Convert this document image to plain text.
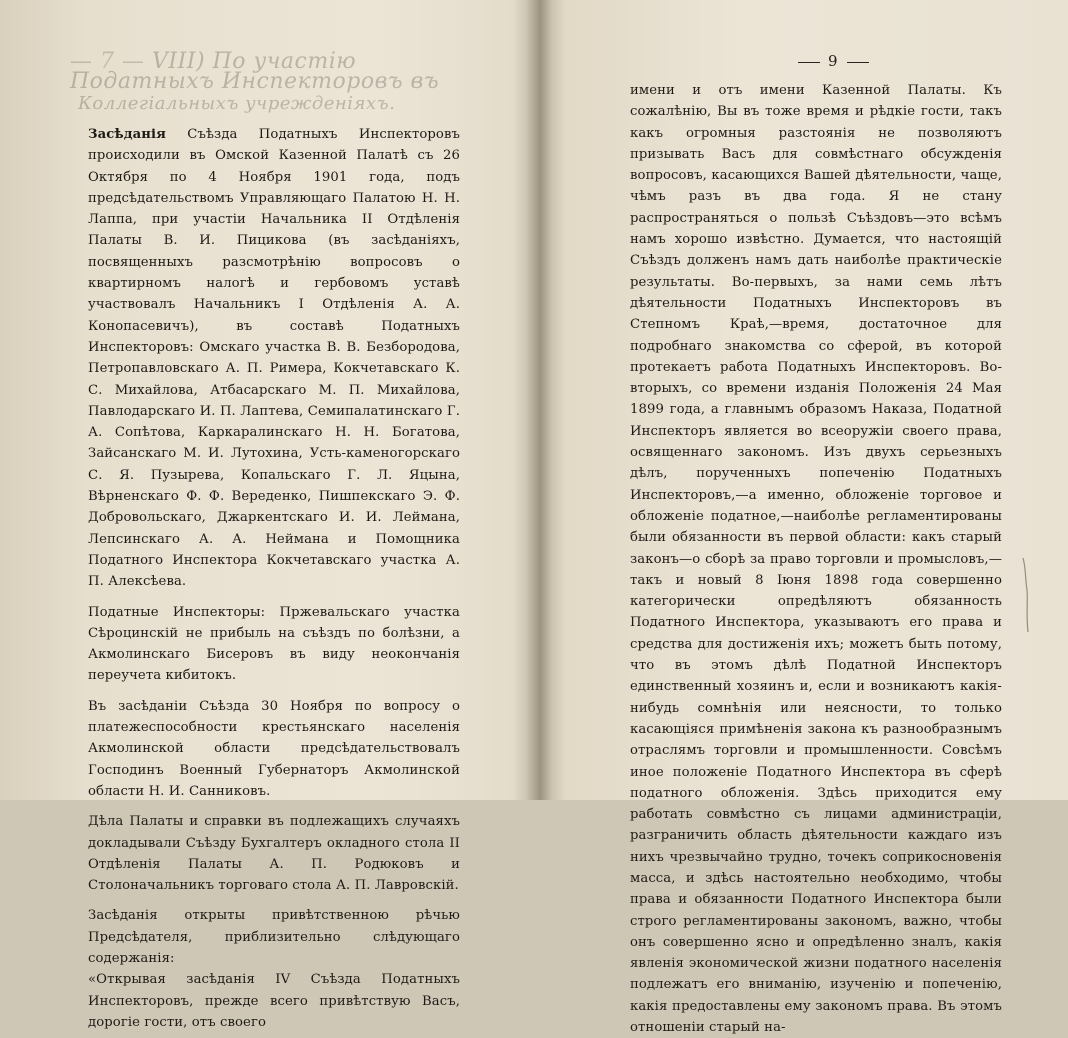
— 7 — VIII) По участію Податныхъ Инспекторовъ въ
Коллегіальныхъ учрежденіяхъ.

Засѣданія Съѣзда Податныхъ Инспекторовъ происходили въ Омской Казенной Палатѣ съ 26 Октября по 4 Ноября 1901 года, подъ предсѣдательствомъ Управляющаго Палатою Н. Н. Лаппа, при участіи Начальника II Отдѣленія Палаты В. И. Пицикова (въ засѣданіяхъ, посвященныхъ разсмотрѣнію вопросовъ о квартирномъ налогѣ и гербовомъ уставѣ участвовалъ Начальникъ I Отдѣленія А. А. Конопасевичъ), въ составѣ Податныхъ Инспекторовъ: Омскаго участка В. В. Безбородова, Петропавловскаго А. П. Римера, Кокчетавскаго К. С. Михайлова, Атбасарскаго М. П. Михайлова, Павлодарскаго И. П. Лаптева, Семипалатинскаго Г. А. Сопѣтова, Каркаралинскаго Н. Н. Богатова, Зайсанскаго М. И. Лутохина, Усть-каменогорскаго С. Я. Пузырева, Копальскаго Г. Л. Яцына, Вѣрненскаго Ф. Ф. Вереденко, Пишпекскаго Э. Ф. Добровольскаго, Джаркентскаго И. И. Леймана, Лепсинскаго А. А. Неймана и Помощника Податного Инспектора Кокчетавскаго участка А. П. Алексѣева.

Податные Инспекторы: Пржевальскаго участка Сѣроцинскій не прибыль на съѣздъ по болѣзни, а Акмолинскаго Бисеровъ въ виду неокончанія переучета кибитокъ.

Въ засѣданіи Съѣзда 30 Ноября по вопросу о платежеспособности крестьянскаго населенія Акмолинской области предсѣдательствовалъ Господинъ Военный Губернаторъ Акмолинской области Н. И. Санниковъ.

Дѣла Палаты и справки въ подлежащихъ случаяхъ докладывали Съѣзду Бухгалтеръ окладного стола II Отдѣленія Палаты А. П. Родюковъ и Столоначальникъ торговаго стола А. П. Лавровскій.

Засѣданія открыты привѣтственною рѣчью Предсѣдателя, приблизительно слѣдующаго содержанія:

«Открывая засѣданія IV Съѣзда Податныхъ Инспекторовъ, прежде всего привѣтствую Васъ, дорогіе гости, отъ своего

9

имени и отъ имени Казенной Палаты. Къ сожалѣнію, Вы въ тоже время и рѣдкіе гости, такъ какъ огромныя разстоянія не позволяютъ призывать Васъ для совмѣстнаго обсужденія вопросовъ, касающихся Вашей дѣятельности, чаще, чѣмъ разъ въ два года. Я не стану распространяться о пользѣ Съѣздовъ—это всѣмъ намъ хорошо извѣстно. Думается, что настоящій Съѣздъ долженъ намъ дать наиболѣе практическіе результаты. Во-первыхъ, за нами семь лѣтъ дѣятельности Податныхъ Инспекторовъ въ Степномъ Краѣ,—время, достаточное для подробнаго знакомства со сферой, въ которой протекаетъ работа Податныхъ Инспекторовъ. Во-вторыхъ, со времени изданія Положенія 24 Мая 1899 года, а главнымъ образомъ Наказа, Податной Инспекторъ является во всеоружіи своего права, освященнаго закономъ. Изъ двухъ серьезныхъ дѣлъ, порученныхъ попеченію Податныхъ Инспекторовъ,—а именно, обложеніе торговое и обложеніе податное,—наиболѣе регламентированы были обязанности въ первой области: какъ старый законъ—о сборѣ за право торговли и промысловъ,—такъ и новый 8 Іюня 1898 года совершенно категорически опредѣляютъ обязанность Податного Инспектора, указываютъ его права и средства для достиженія ихъ; можетъ быть потому, что въ этомъ дѣлѣ Податной Инспекторъ единственный хозяинъ и, если и возникаютъ какія-нибудь сомнѣнія или неясности, то только касающіяся примѣненія закона къ разнообразнымъ отраслямъ торговли и промышленности. Совсѣмъ иное положеніе Податного Инспектора въ сферѣ податного обложенія. Здѣсь приходится ему работать совмѣстно съ лицами администраціи, разграничить область дѣятельности каждаго изъ нихъ чрезвычайно трудно, точекъ соприкосновенія масса, и здѣсь настоятельно необходимо, чтобы права и обязанности Податного Инспектора были строго регламентированы закономъ, важно, чтобы онъ совершенно ясно и опредѣленно зналъ, какія явленія экономической жизни податного населенія подлежатъ его вниманію, изученію и попеченію, какія предоставлены ему закономъ права. Въ этомъ отношеніи старый на-
